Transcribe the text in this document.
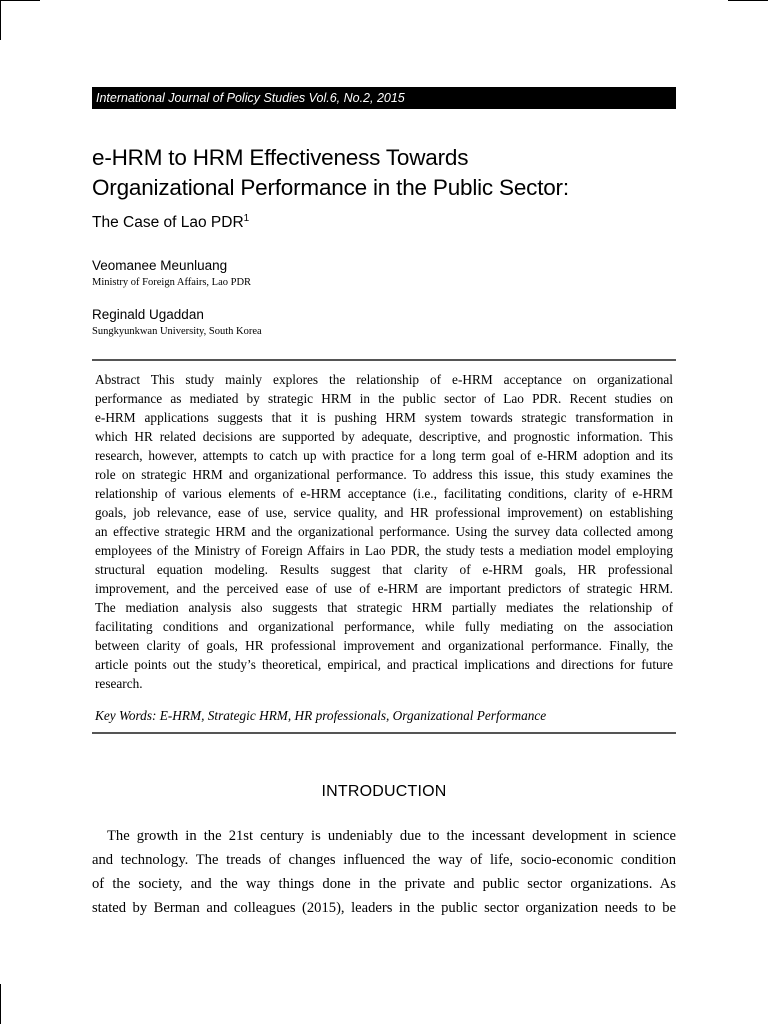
International Journal of Policy Studies Vol.6, No.2, 2015
e-HRM to HRM Effectiveness Towards
Organizational Performance in the Public Sector:
The Case of Lao PDR$^1$
Veomanee Meunluang
Ministry of Foreign Affairs, Lao PDR
Reginald Ugaddan
Sungkyunkwan University, South Korea
Abstract This study mainly explores the relationship of e-HRM acceptance on organizational
performance as mediated by strategic HRM in the public sector of Lao PDR. Recent studies on
e-HRM applications suggests that it is pushing HRM system towards strategic transformation in
which HR related decisions are supported by adequate, descriptive, and prognostic information. This
research, however, attempts to catch up with practice for a long term goal of e-HRM adoption and its
role on strategic HRM and organizational performance. To address this issue, this study examines the
relationship of various elements of e-HRM acceptance (i.e., facilitating conditions, clarity of e-HRM
goals, job relevance, ease of use, service quality, and HR professional improvement) on establishing
an effective strategic HRM and the organizational performance. Using the survey data collected among
employees of the Ministry of Foreign Affairs in Lao PDR, the study tests a mediation model employing
structural equation modeling. Results suggest that clarity of e-HRM goals, HR professional
improvement, and the perceived ease of use of e-HRM are important predictors of strategic HRM.
The mediation analysis also suggests that strategic HRM partially mediates the relationship of
facilitating conditions and organizational performance, while fully mediating on the association
between clarity of goals, HR professional improvement and organizational performance. Finally, the
article points out the study’s theoretical, empirical, and practical implications and directions for future
research.
Key Words: E-HRM, Strategic HRM, HR professionals, Organizational Performance
INTRODUCTION
The growth in the 21st century is undeniably due to the incessant development in science
and technology. The treads of changes influenced the way of life, socio-economic condition
of the society, and the way things done in the private and public sector organizations. As
stated by Berman and colleagues (2015), leaders in the public sector organization needs to be
